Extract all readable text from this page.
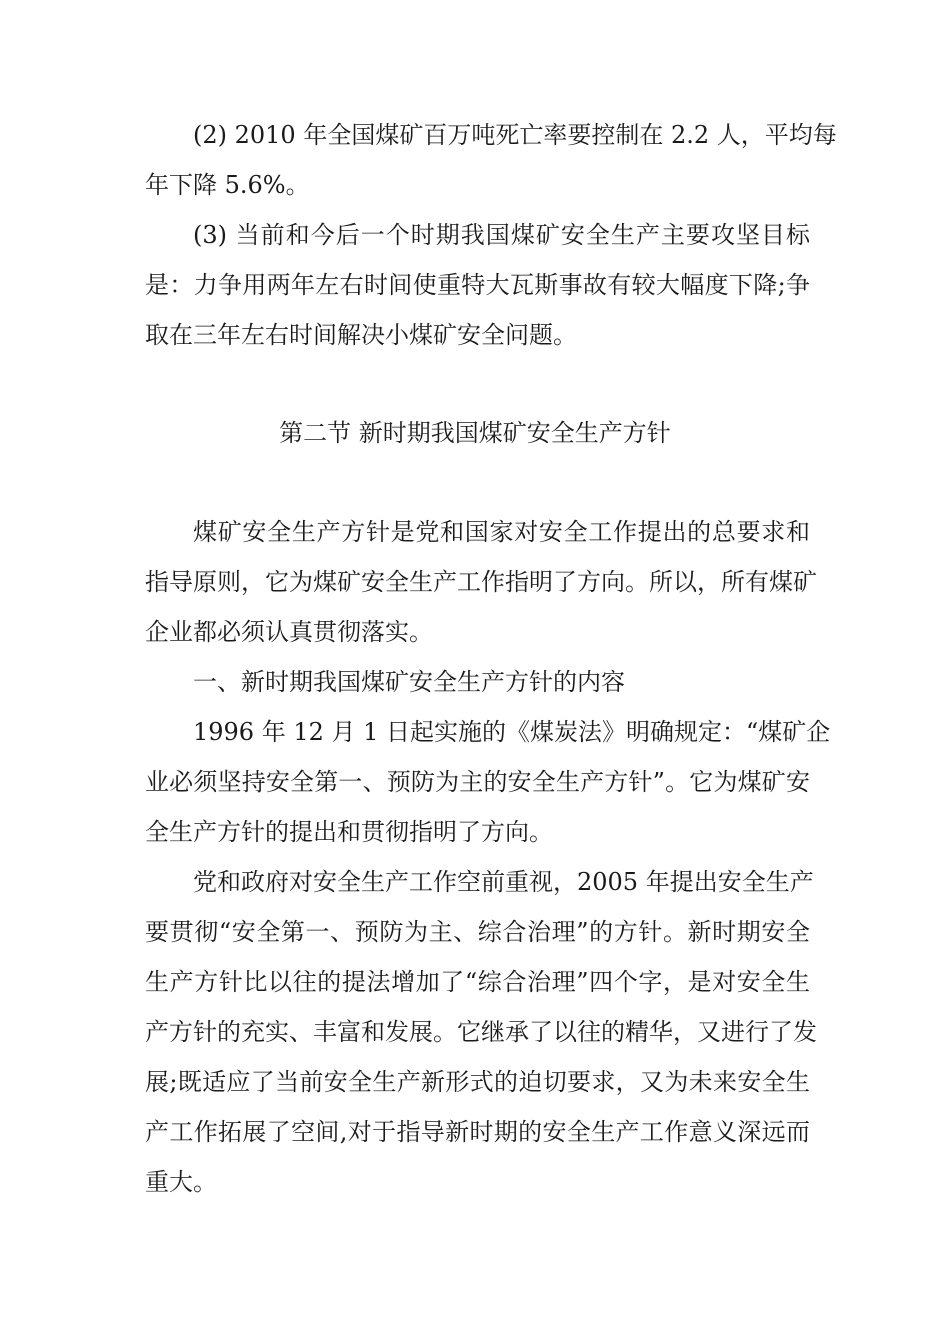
(2) 2010 年全国煤矿百万吨死亡率要控制在 2.2 人，平均每
年下降 5.6%。
(3) 当前和今后一个时期我国煤矿安全生产主要攻坚目标
是：力争用两年左右时间使重特大瓦斯事故有较大幅度下降;争
取在三年左右时间解决小煤矿安全问题。
第二节 新时期我国煤矿安全生产方针
煤矿安全生产方针是党和国家对安全工作提出的总要求和
指导原则，它为煤矿安全生产工作指明了方向。所以，所有煤矿
企业都必须认真贯彻落实。
一、新时期我国煤矿安全生产方针的内容
1996 年 12 月 1 日起实施的《煤炭法》明确规定：“煤矿企
业必须坚持安全第一、预防为主的安全生产方针”。它为煤矿安
全生产方针的提出和贯彻指明了方向。
党和政府对安全生产工作空前重视，2005 年提出安全生产
要贯彻“安全第一、预防为主、综合治理”的方针。新时期安全
生产方针比以往的提法增加了“综合治理”四个字，是对安全生
产方针的充实、丰富和发展。它继承了以往的精华，又进行了发
展;既适应了当前安全生产新形式的迫切要求，又为未来安全生
产工作拓展了空间,对于指导新时期的安全生产工作意义深远而
重大。
